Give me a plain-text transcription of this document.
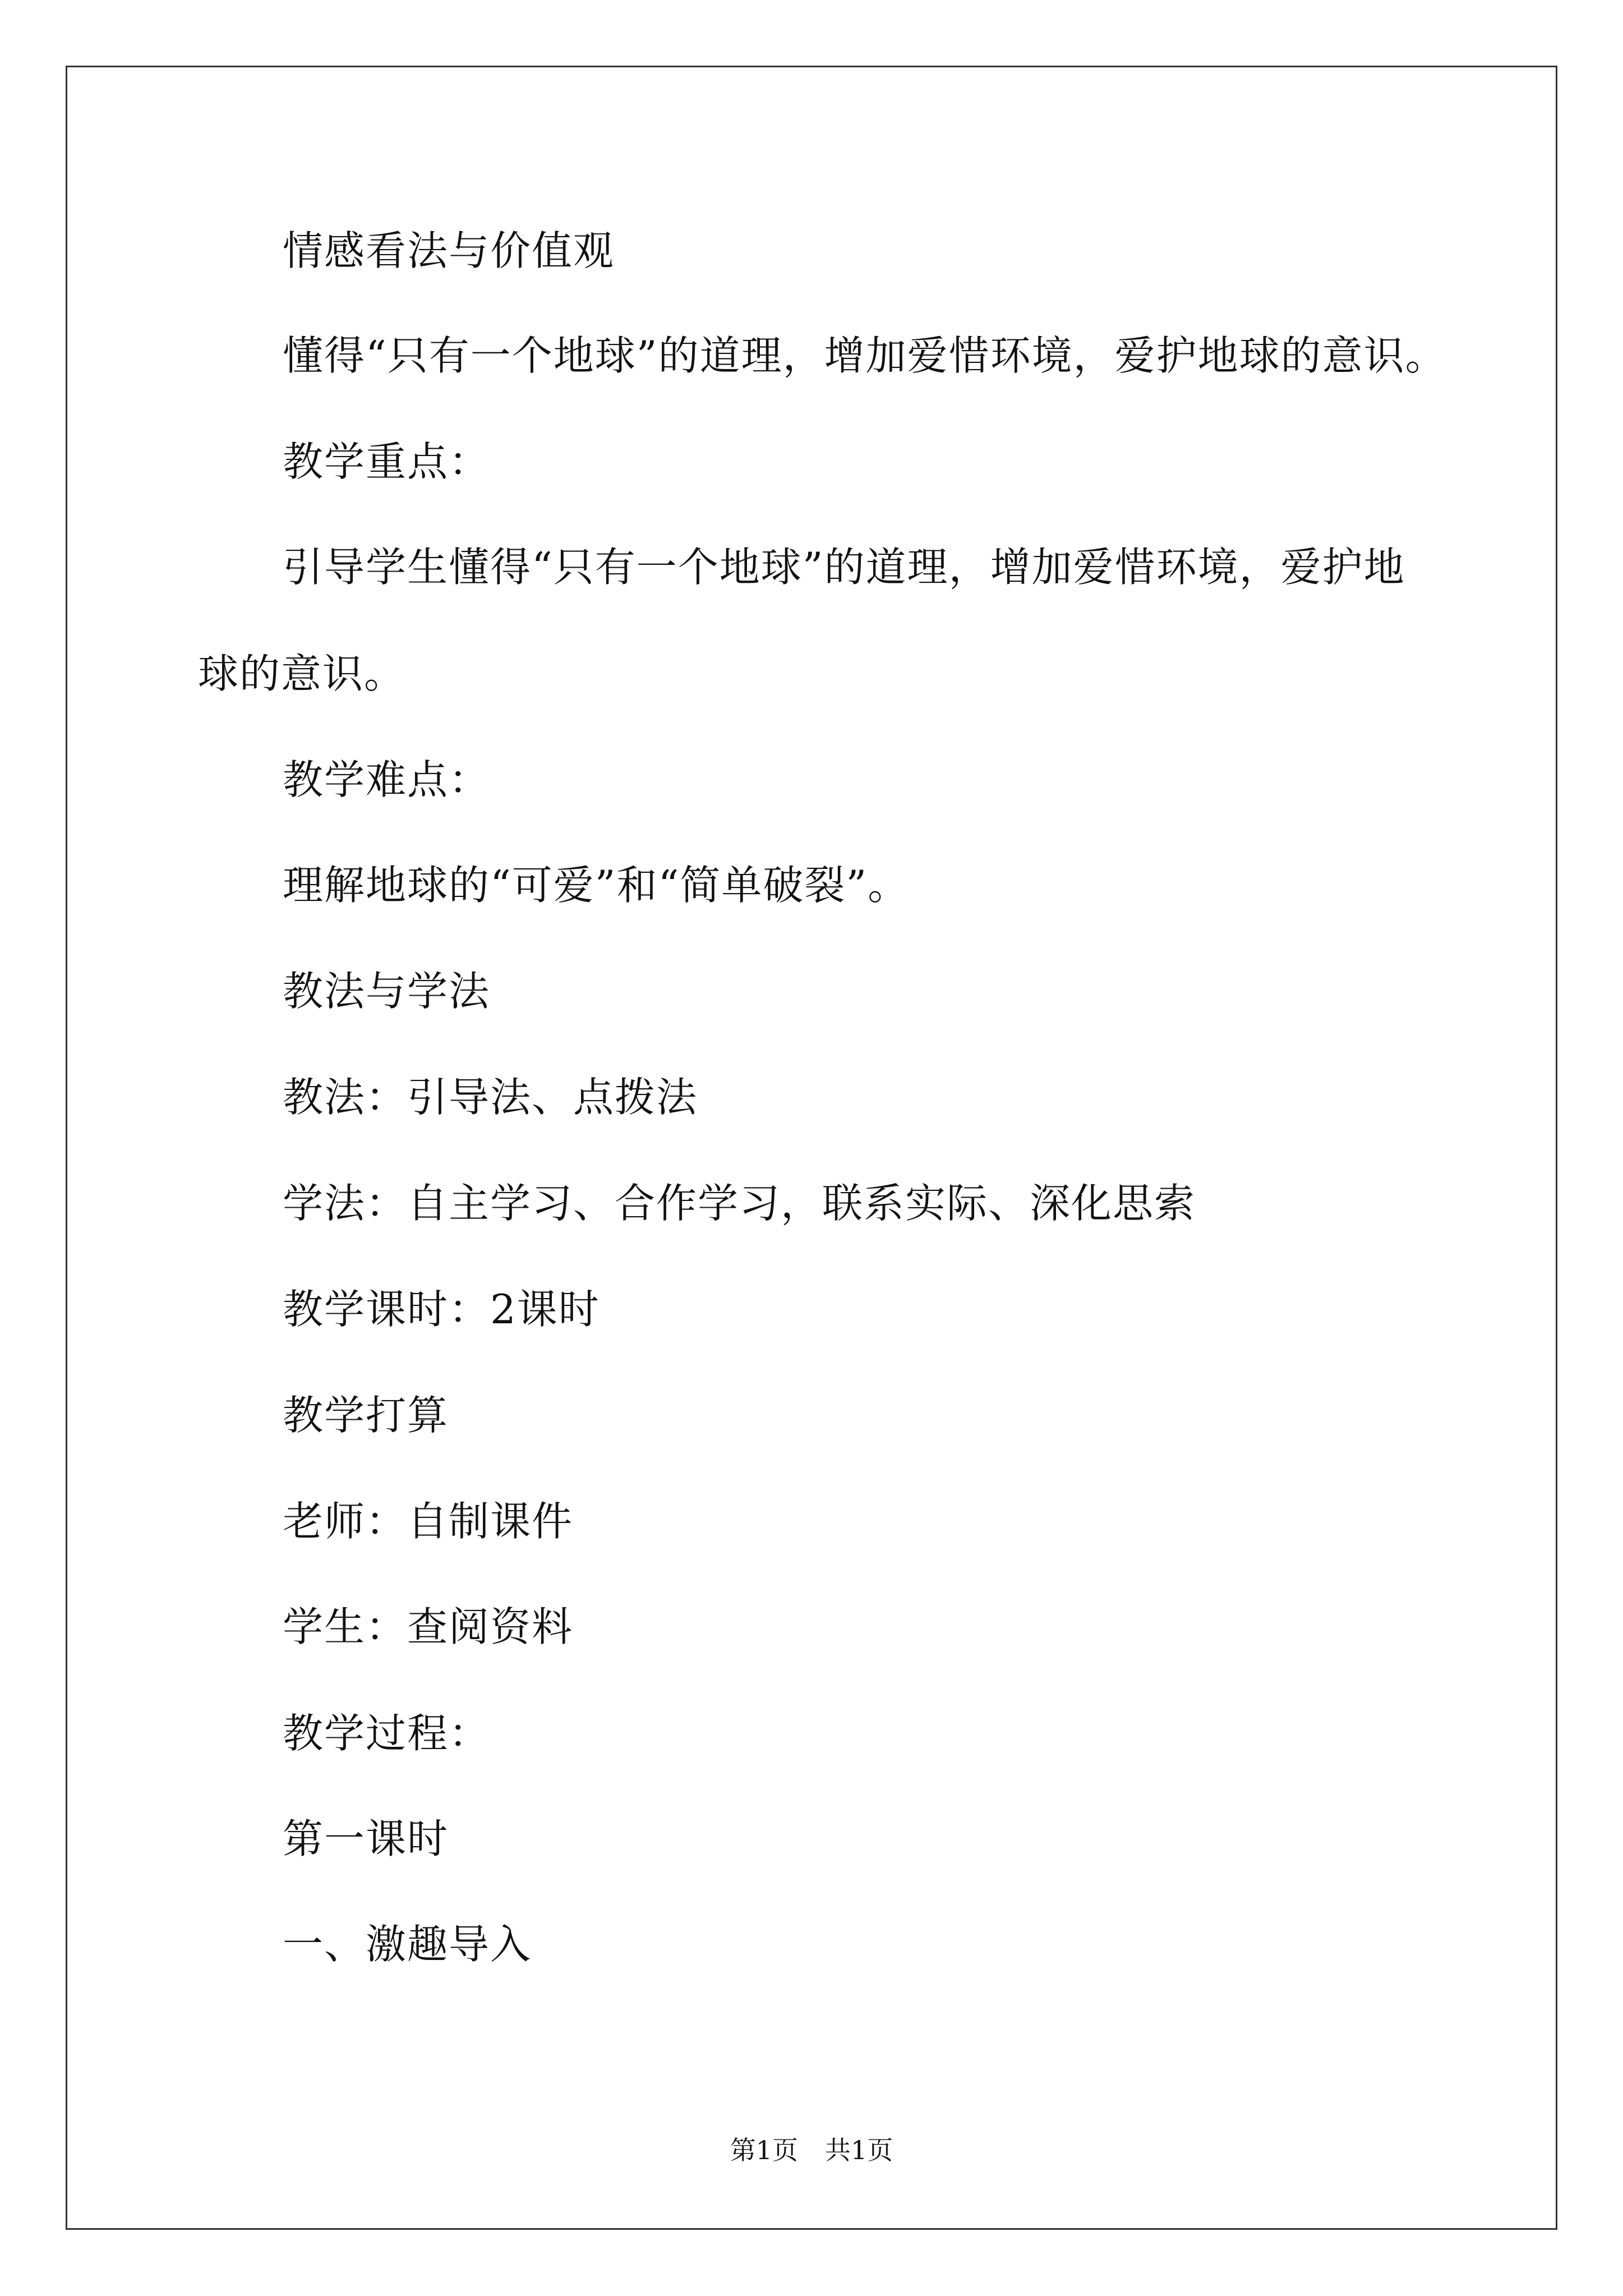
情感看法与价值观
懂得“只有一个地球”的道理，增加爱惜环境，爱护地球的意识。
教学重点：
引导学生懂得“只有一个地球”的道理，增加爱惜环境，爱护地
球的意识。
教学难点：
理解地球的“可爱”和“简单破裂”。
教法与学法
教法：引导法、点拨法
学法：自主学习、合作学习，联系实际、深化思索
教学课时：2课时
教学打算
老师：自制课件
学生：查阅资料
教学过程：
第一课时
一、激趣导入
第1页 共1页
